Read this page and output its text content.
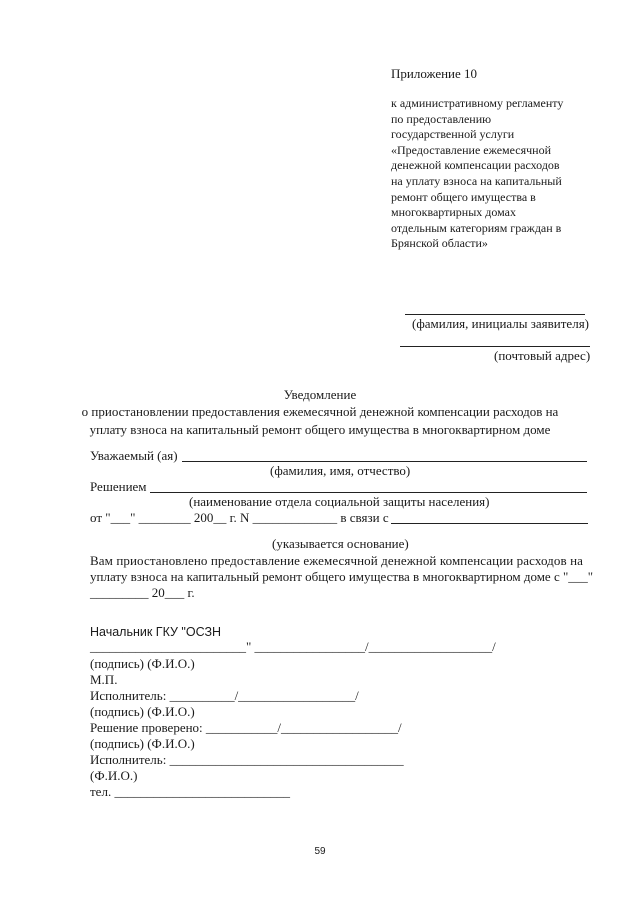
Приложение 10
к административному регламенту
по предоставлению
государственной услуги
«Предоставление ежемесячной
денежной компенсации расходов
на уплату взноса на капитальный
ремонт общего имущества в
многоквартирных домах
отдельным категориям граждан в
Брянской области»
(фамилия, инициалы заявителя)
(почтовый адрес)
Уведомление
о приостановлении предоставления ежемесячной денежной компенсации расходов на
уплату взноса на капитальный ремонт общего имущества в многоквартирном доме
Уважаемый (ая)
(фамилия, имя, отчество)
Решением
(наименование отдела социальной защиты населения)
от "___" ________ 200__ г. N _____________ в связи с
(указывается основание)
Вам приостановлено предоставление ежемесячной денежной компенсации расходов на
уплату взноса на капитальный ремонт общего имущества в многоквартирном доме с "___"
_________ 20___ г.
Начальник ГКУ "ОСЗН
________________________" _________________/___________________/
(подпись) (Ф.И.О.)
М.П.
Исполнитель: __________/__________________/
(подпись) (Ф.И.О.)
Решение проверено: ___________/__________________/
(подпись) (Ф.И.О.)
Исполнитель: ____________________________________
(Ф.И.О.)
тел. ___________________________
59
